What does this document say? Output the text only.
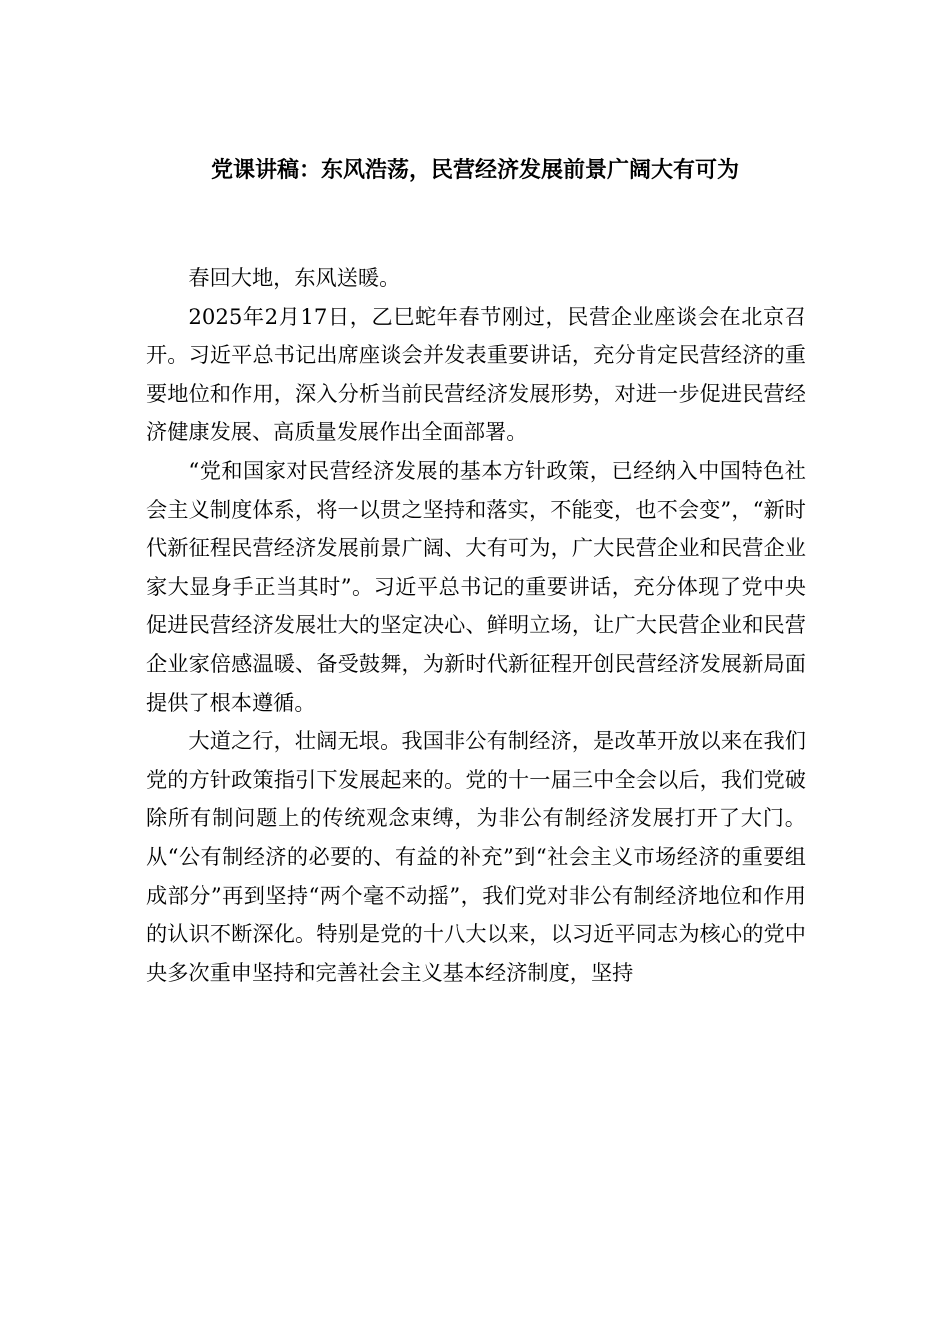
党课讲稿：东风浩荡，民营经济发展前景广阔大有可为

春回大地，东风送暖。

2025年2月17日，乙巳蛇年春节刚过，民营企业座谈会在北京召开。习近平总书记出席座谈会并发表重要讲话，充分肯定民营经济的重要地位和作用，深入分析当前民营经济发展形势，对进一步促进民营经济健康发展、高质量发展作出全面部署。

“党和国家对民营经济发展的基本方针政策，已经纳入中国特色社会主义制度体系，将一以贯之坚持和落实，不能变，也不会变”，“新时代新征程民营经济发展前景广阔、大有可为，广大民营企业和民营企业家大显身手正当其时”。习近平总书记的重要讲话，充分体现了党中央促进民营经济发展壮大的坚定决心、鲜明立场，让广大民营企业和民营企业家倍感温暖、备受鼓舞，为新时代新征程开创民营经济发展新局面提供了根本遵循。

大道之行，壮阔无垠。我国非公有制经济，是改革开放以来在我们党的方针政策指引下发展起来的。党的十一届三中全会以后，我们党破除所有制问题上的传统观念束缚，为非公有制经济发展打开了大门。从“公有制经济的必要的、有益的补充”到“社会主义市场经济的重要组成部分”再到坚持“两个毫不动摇”，我们党对非公有制经济地位和作用的认识不断深化。特别是党的十八大以来，以习近平同志为核心的党中央多次重申坚持和完善社会主义基本经济制度，坚持
